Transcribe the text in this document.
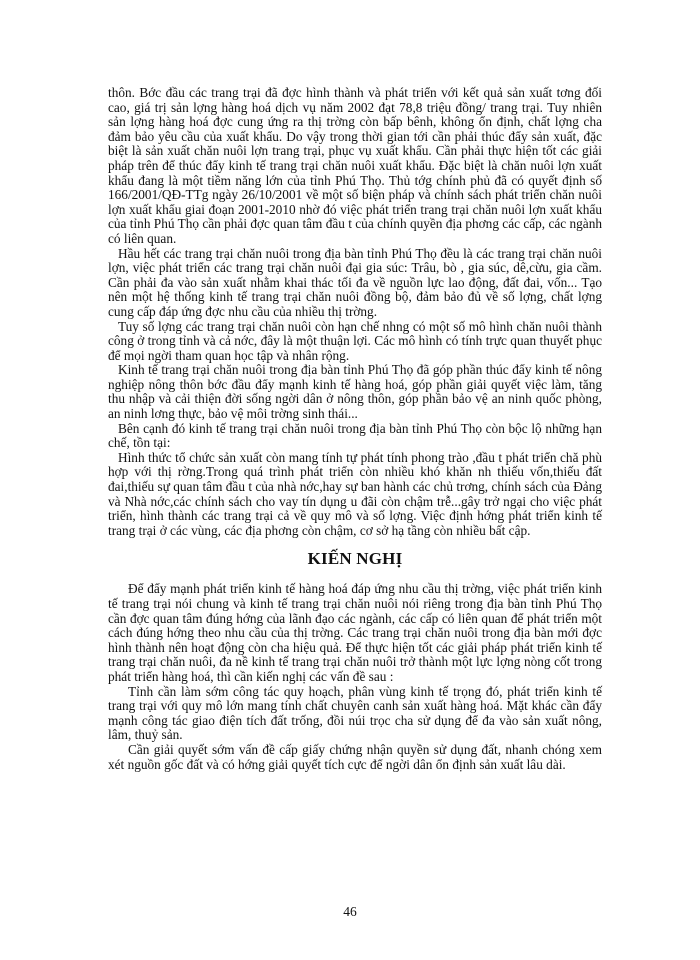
thôn. Bớc đầu các trang trại đã đợc hình thành và phát triển với kết quả sản xuất tơng đối cao, giá trị sản lợng hàng hoá dịch vụ năm 2002 đạt 78,8 triệu đồng/ trang trại. Tuy nhiên sản lợng hàng hoá đợc cung ứng ra thị trờng còn bấp bênh, không ổn định, chất lợng cha đảm bảo yêu cầu của xuất khẩu. Do vậy trong thời gian tới cần phải thúc đẩy sản xuất, đặc biệt là sản xuất chăn nuôi lợn trang trại, phục vụ xuất khẩu. Cần phải thực hiện tốt các giải pháp trên để thúc đẩy kinh tế trang trại chăn nuôi xuất khẩu. Đặc biệt là chăn nuôi lợn xuất khẩu đang là một tiềm năng lớn của tỉnh Phú Thọ. Thủ tớg chính phủ đã có quyết định số 166/2001/QĐ-TTg ngày 26/10/2001 về một số biện pháp và chính sách phát triển chăn nuôi lợn xuất khẩu giai đoạn 2001-2010 nhờ đó việc phát triển trang trại chăn nuôi lợn xuất khẩu của tỉnh Phú Thọ cần phải đợc quan tâm đầu t của chính quyền địa phơng các cấp, các ngành có liên quan.

Hầu hết các trang trại chăn nuôi trong địa bàn tỉnh Phú Thọ đều là các trang trại chăn nuôi lợn, việc phát triển các trang trại chăn nuôi đại gia súc: Trâu, bò , gia súc, dê,cừu, gia cầm. Cần phải đa vào sản xuất nhằm khai thác tối đa về nguồn lực lao động, đất đai, vốn... Tạo nên một hệ thống kinh tế trang trại chăn nuôi đồng bộ, đảm bảo đủ về số lợng, chất lợng cung cấp đáp ứng đợc nhu cầu của nhiều thị trờng.

Tuy số lợng các trang trại chăn nuôi còn hạn chế nhng có một số mô hình chăn nuôi thành công ở trong tỉnh và cả nớc, đây là một thuận lợi. Các mô hình có tính trực quan thuyết phục để mọi ngời tham quan học tập và nhân rộng.

Kinh tế trang trại chăn nuôi trong địa bàn tỉnh Phú Thọ đã góp phần thúc đẩy kinh tế nông nghiệp nông thôn bớc đầu đẩy mạnh kinh tế hàng hoá, góp phần giải quyết việc làm, tăng thu nhập và cải thiện đời sống ngời dân ở nông thôn, góp phần bảo vệ an ninh quốc phòng, an ninh lơng thực, bảo vệ môi trờng sinh thái...

Bên cạnh đó kinh tế trang trại chăn nuôi trong địa bàn tỉnh Phú Thọ còn bộc lộ những hạn chế, tồn tại:

Hình thức tổ chức sản xuất còn mang tính tự phát tính phong trào ,đầu t phát triển chă phù hợp với thị rờng.Trong quá trình phát triển còn nhiều khó khăn nh thiếu vốn,thiếu đất đai,thiếu sự quan tâm đầu t của nhà nớc,hay sự ban hành các chủ trơng, chính sách của Đảng và Nhà nớc,các chính sách cho vay tín dụng u đãi còn chậm trễ...gây trở ngại cho việc phát triển, hình thành các trang trại cả về quy mô và số lợng. Việc định hớng phát triển kinh tế trang trại ở các vùng, các địa phơng còn chậm, cơ sở hạ tầng còn nhiều bất cập.

KIẾN NGHỊ

Để đẩy mạnh phát triển kinh tế hàng hoá đáp ứng nhu cầu thị trờng, việc phát triển kinh tế trang trại nói chung và kinh tế trang trại chăn nuôi nói riêng trong địa bàn tỉnh Phú Thọ cần đợc quan tâm đúng hớng của lãnh đạo các ngành, các cấp có liên quan để phát triển một cách đúng hớng theo nhu cầu của thị trờng. Các trang trại chăn nuôi trong địa bàn mới đợc hình thành nên hoạt động còn cha hiệu quả. Để thực hiện tốt các giải pháp phát triển kinh tế trang trại chăn nuôi, đa nề kinh tế trang trại chăn nuôi trở thành một lực lợng nòng cốt trong phát triển hàng hoá, thì cần kiến nghị các vấn đề sau :

Tỉnh cần làm sớm công tác quy hoạch, phân vùng kinh tế trọng đó, phát triển kinh tế trang trại với quy mô lớn mang tính chất chuyên canh sản xuất hàng hoá. Mặt khác cần đẩy mạnh công tác giao điện tích đất trống, đồi núi trọc cha sử dụng để đa vào sản xuất nông, lâm, thuỷ sản.

Cần giải quyết sớm vấn đề cấp giấy chứng nhận quyền sử dụng đất, nhanh chóng xem xét nguồn gốc đất và có hớng giải quyết tích cực để ngời dân ổn định sản xuất lâu dài.

46
